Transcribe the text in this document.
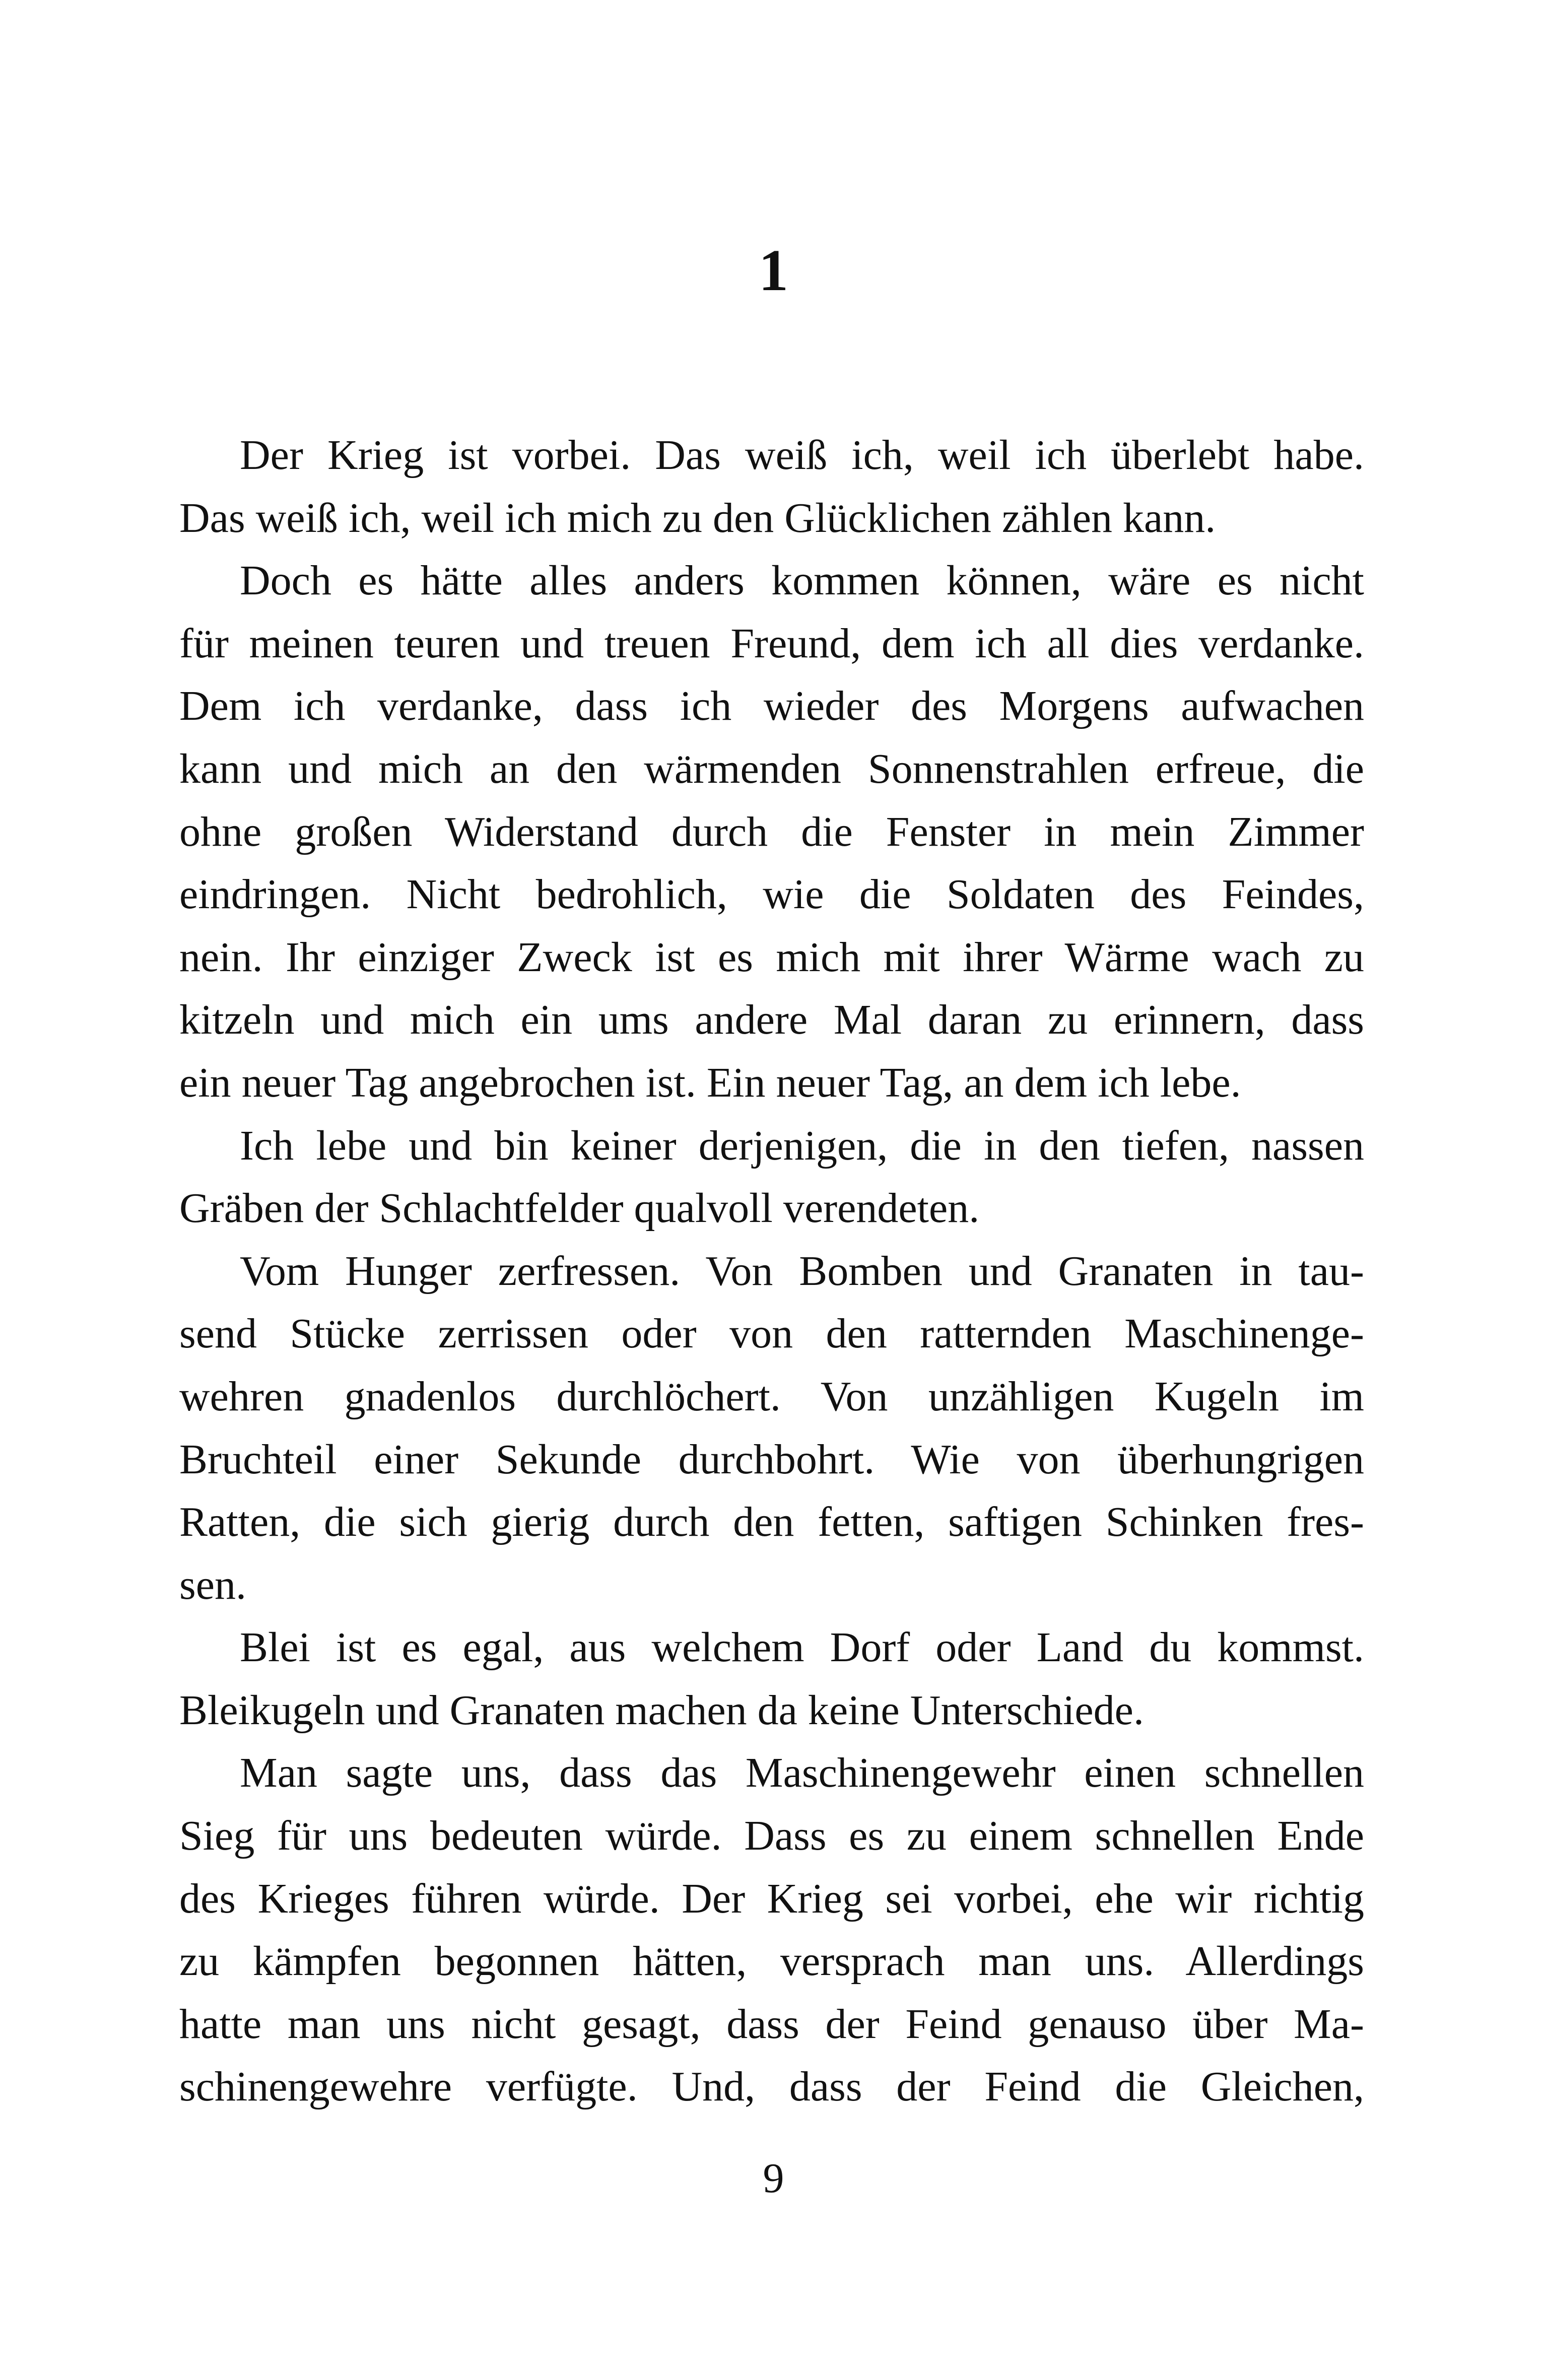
1
Der Krieg ist vorbei. Das weiß ich, weil ich überlebt habe.
Das weiß ich, weil ich mich zu den Glücklichen zählen kann.
Doch es hätte alles anders kommen können, wäre es nicht
für meinen teuren und treuen Freund, dem ich all dies verdanke.
Dem ich verdanke, dass ich wieder des Morgens aufwachen
kann und mich an den wärmenden Sonnenstrahlen erfreue, die
ohne großen Widerstand durch die Fenster in mein Zimmer
eindringen. Nicht bedrohlich, wie die Soldaten des Feindes,
nein. Ihr einziger Zweck ist es mich mit ihrer Wärme wach zu
kitzeln und mich ein ums andere Mal daran zu erinnern, dass
ein neuer Tag angebrochen ist. Ein neuer Tag, an dem ich lebe.
Ich lebe und bin keiner derjenigen, die in den tiefen, nassen
Gräben der Schlachtfelder qualvoll verendeten.
Vom Hunger zerfressen. Von Bomben und Granaten in tau-
send Stücke zerrissen oder von den ratternden Maschinenge-
wehren gnadenlos durchlöchert. Von unzähligen Kugeln im
Bruchteil einer Sekunde durchbohrt. Wie von überhungrigen
Ratten, die sich gierig durch den fetten, saftigen Schinken fres-
sen.
Blei ist es egal, aus welchem Dorf oder Land du kommst.
Bleikugeln und Granaten machen da keine Unterschiede.
Man sagte uns, dass das Maschinengewehr einen schnellen
Sieg für uns bedeuten würde. Dass es zu einem schnellen Ende
des Krieges führen würde. Der Krieg sei vorbei, ehe wir richtig
zu kämpfen begonnen hätten, versprach man uns. Allerdings
hatte man uns nicht gesagt, dass der Feind genauso über Ma-
schinengewehre verfügte. Und, dass der Feind die Gleichen,
9
